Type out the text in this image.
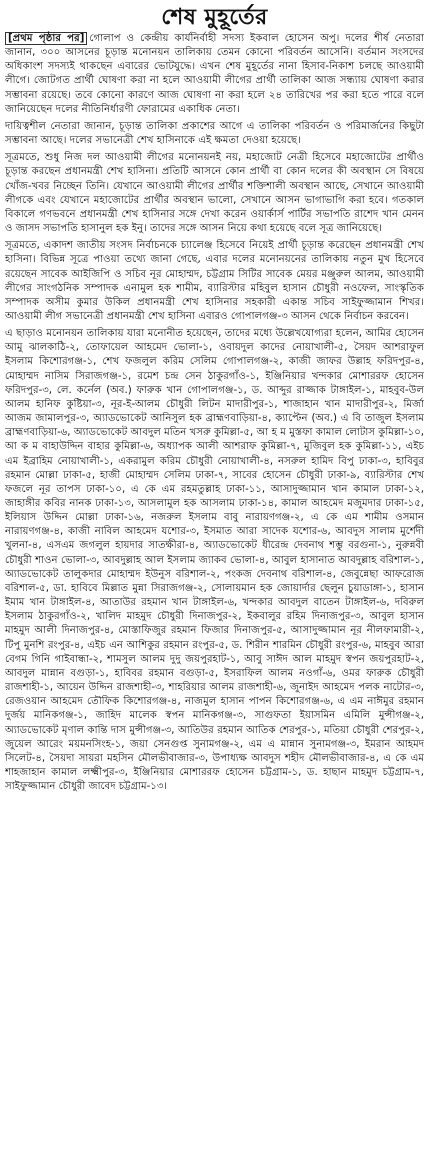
শেষ মুহূর্তের

[প্রথম পৃষ্ঠার পর] গোলাপ ও কেন্দ্রীয় কার্যনির্বাহী সদস্য ইকবাল হোসেন অপু। দলের শীর্ষ নেতারা জানান, ৩০০ আসনের চূড়ান্ত মনোনয়ন তালিকায় তেমন কোনো পরিবর্তন আসেনি। বর্তমান সংসদের অধিকাংশ সদস্যই থাকছেন এবারের ভোটযুদ্ধে। এখন শেষ মুহূর্তের নানা হিসাব-নিকাশ চলছে আওয়ামী লীগে। জোটগত প্রার্থী ঘোষণা করা না হলে আওয়ামী লীগের প্রার্থী তালিকা আজ সন্ধ্যায় ঘোষণা করার সম্ভাবনা রয়েছে। তবে কোনো কারণে আজ ঘোষণা না করা হলে ২৪ তারিখের পর করা হতে পারে বলে জানিয়েছেন দলের নীতিনির্ধারণী ফোরামের একাধিক নেতা।

দায়িত্বশীল নেতারা জানান, চূড়ান্ত তালিকা প্রকাশের আগে এ তালিকা পরিবর্তন ও পরিমার্জনের কিছুটা সম্ভাবনা আছে। দলের সভানেত্রী শেখ হাসিনাকে এই ক্ষমতা দেওয়া হয়েছে।

সূত্রমতে, শুধু নিজ দল আওয়ামী লীগের মনোনয়নই নয়, মহাজোট নেত্রী হিসেবে মহাজোটের প্রার্থীও চূড়ান্ত করছেন প্রধানমন্ত্রী শেখ হাসিনা। প্রতিটি আসনে কোন প্রার্থী বা কোন দলের কী অবস্থান সে বিষয়ে খোঁজ-খবর নিচ্ছেন তিনি। যেখানে আওয়ামী লীগের প্রার্থীর শক্তিশালী অবস্থান আছে, সেখানে আওয়ামী লীগকে এবং যেখানে মহাজোটের প্রার্থীর অবস্থান ভালো, সেখানে আসন ভাগাভাগি করা হবে। গতকাল বিকালে গণভবনে প্রধানমন্ত্রী শেখ হাসিনার সঙ্গে দেখা করেন ওয়ার্কার্স পার্টির সভাপতি রাশেদ খান মেনন ও জাসদ সভাপতি হাসানুল হক ইনু। তাদের সঙ্গে আসন নিয়ে কথা হয়েছে বলে সূত্র জানিয়েছে।

সূত্রমতে, একাদশ জাতীয় সংসদ নির্বাচনকে চ্যালেঞ্জ হিসেবে নিয়েই প্রার্থী চূড়ান্ত করেছেন প্রধানমন্ত্রী শেখ হাসিনা। বিভিন্ন সূত্রে পাওয়া তথ্যে জানা গেছে, এবার দলের মনোনয়নের তালিকায় নতুন মুখ হিসেবে রয়েছেন সাবেক আইজিপি ও সচিব নূর মোহাম্মদ, চট্টগ্রাম সিটির সাবেক মেয়র মঞ্জুরুল আলম, আওয়ামী লীগের সাংগঠনিক সম্পাদক এনামুল হক শামীম, ব্যারিস্টার মহিবুল হাসান চৌধুরী নওফেল, সাংস্কৃতিক সম্পাদক অসীম কুমার উকিল প্রধানমন্ত্রী শেখ হাসিনার সহকারী একান্ত সচিব সাইফুজ্জামান শিখর। আওয়ামী লীগ সভানেত্রী প্রধানমন্ত্রী শেখ হাসিনা এবারও গোপালগঞ্জ-৩ আসন থেকে নির্বাচন করবেন।

এ ছাড়াও মনোনয়ন তালিকায় যারা মনোনীত হয়েছেন, তাদের মধ্যে উল্লেখযোগ্যরা হলেন, আমির হোসেন আমু ঝালকাঠি-২, তোফায়েল আহমেদ ভোলা-১, ওবায়দুল কাদের নোয়াখালী-৫, সৈয়দ আশরাফুল ইসলাম কিশোরগঞ্জ-১, শেখ ফজলুল করিম সেলিম গোপালগঞ্জ-২, কাজী জাফর উল্লাহ ফরিদপুর-৪, মোহাম্মদ নাসিম সিরাজগঞ্জ-১, রমেশ চন্দ্র সেন ঠাকুরগাঁও-১, ইঞ্জিনিয়ার খন্দকার মোশাররফ হোসেন ফরিদপুর-৩, লে. কর্নেল (অব.) ফারুক খান গোপালগঞ্জ-১, ড. আব্দুর রাজ্জাক টাঙ্গাইল-১, মাহবুব-উল আলম হানিফ কুষ্টিয়া-৩, নূর-ই-আলম চৌধুরী লিটন মাদারীপুর-১, শাজাহান খান মাদারীপুর-২, মির্জা আজম জামালপুর-৩, অ্যাডভোকেট আনিসুল হক ব্রাহ্মণবাড়িয়া-৪, ক্যাপ্টেন (অব.) এ বি তাজুল ইসলাম ব্রাহ্মণবাড়িয়া-৬, অ্যাডভোকেট আবদুল মতিন খসরু কুমিল্লা-৫, আ হ ম মুস্তফা কামাল লোটাস কুমিল্লা-১০, আ ক ম বাহাউদ্দিন বাহার কুমিল্লা-৬, অধ্যাপক আলী আশরাফ কুমিল্লা-৭, মুজিবুল হক কুমিল্লা-১১, এইচ এম ইব্রাহিম নোয়াখালী-১, একরামুল করিম চৌধুরী নোয়াখালী-৪, নসরুল হামিদ বিপু ঢাকা-৩, হাবিবুর রহমান মোল্লা ঢাকা-৫, হাজী মোহাম্মদ সেলিম ঢাকা-৭, সাবের হোসেন চৌধুরী ঢাকা-৯, ব্যারিস্টার শেখ ফজলে নূর তাপস ঢাকা-১০, এ কে এম রহমতুল্লাহ ঢাকা-১১, আসাদুজ্জামান খান কামাল ঢাকা-১২, জাহাঙ্গীর কবির নানক ঢাকা-১৩, আসলামুল হক আসলাম ঢাকা-১৪, কামাল আহমেদ মজুমদার ঢাকা-১৫, ইলিয়াস উদ্দিন মোল্লা ঢাকা-১৬, নজরুল ইসলাম বাবু নারায়ণগঞ্জ-২, এ কে এম শামীম ওসমান নারায়ণগঞ্জ-৪, কাজী নাবিল আহমেদ যশোর-৩, ইসমাত আরা সাদেক যশোর-৬, আবদুস সালাম মুর্শেদী খুলনা-৪, এসএম জগলুল হায়দার সাতক্ষীরা-৪, অ্যাডভোকেট ধীরেন্দ্র দেবনাথ শম্ভু বরগুনা-১, নুরুন্নবী চৌধুরী শাওন ভোলা-৩, আবদুল্লাহ আল ইসলাম জ্যাকব ভোলা-৪, আবুল হাসানাত আবদুল্লাহ বরিশাল-১, অ্যাডভোকেট তালুকদার মোহাম্মদ ইউনুস বরিশাল-২, পংকজ দেবনাথ বরিশাল-৪, জেবুন্নেছা আফরোজ বরিশাল-৫, ডা. হাবিবে মিল্লাত মুন্না সিরাজগঞ্জ-২, সোলায়মান হক জোয়ার্দার ছেলুন চুয়াডাঙ্গা-১, হাসান ইমাম খান টাঙ্গাইল-৪, আতাউর রহমান খান টাঙ্গাইল-৬, খন্দকার আবদুল বাতেন টাঙ্গাইল-৬, দবিরুল ইসলাম ঠাকুরগাঁও-২, খালিদ মাহমুদ চৌধুরী দিনাজপুর-২, ইকবালুর রহিম দিনাজপুর-৩, আবুল হাসান মাহমুদ আলী দিনাজপুর-৪, মোস্তাফিজুর রহমান ফিজার দিনাজপুর-৫, আসাদুজ্জামান নূর নীলফামারী-২, টিপু মুনশি রংপুর-৪, এইচ এন আশিকুর রহমান রংপুর-৫, ড. শিরীন শারমিন চৌধুরী রংপুর-৬, মাহবুব আরা বেগম গিনি গাইবান্ধা-২, শামসুল আলম দুদু জয়পুরহাট-১, আবু সাঈদ আল মাহমুদ স্বপন জয়পুরহাট-২, আবদুল মান্নান বগুড়া-১, হাবিবর রহমান বগুড়া-৫, ইসরাফিল আলম নওগাঁ-৬, ওমর ফারুক চৌধুরী রাজশাহী-১, আয়েন উদ্দিন রাজশাহী-৩, শাহরিয়ার আলম রাজশাহী-৬, জুনাইদ আহমেদ পলক নাটোর-৩, রেজওয়ান আহমেদ তৌফিক কিশোরগঞ্জ-৪, নাজমুল হাসান পাপন কিশোরগঞ্জ-৬, এ এম নাঈমুর রহমান দুর্জয় মানিকগঞ্জ-১, জাহিদ মালেক স্বপন মানিকগঞ্জ-৩, সাগুফতা ইয়াসমিন এমিলি মুন্সীগঞ্জ-২, অ্যাডভোকেট মৃণাল কান্তি দাস মুন্সীগঞ্জ-৩, আতিউর রহমান আতিক শেরপুর-১, মতিয়া চৌধুরী শেরপুর-২, জুয়েল আরেং ময়মনসিংহ-১, জয়া সেনগুপ্ত সুনামগঞ্জ-২, এম এ মান্নান সুনামগঞ্জ-৩, ইমরান আহমদ সিলেট-৪, সৈয়দা সায়রা মহসিন মৌলভীবাজার-৩, উপাধ্যক্ষ আবদুস শহীদ মৌলভীবাজার-৪, এ কে এম শাহজাহান কামাল লক্ষ্মীপুর-৩, ইঞ্জিনিয়ার মোশাররফ হোসেন চট্টগ্রাম-১, ড. হাছান মাহমুদ চট্টগ্রাম-৭, সাইফুজ্জামান চৌধুরী জাবেদ চট্টগ্রাম-১৩।
